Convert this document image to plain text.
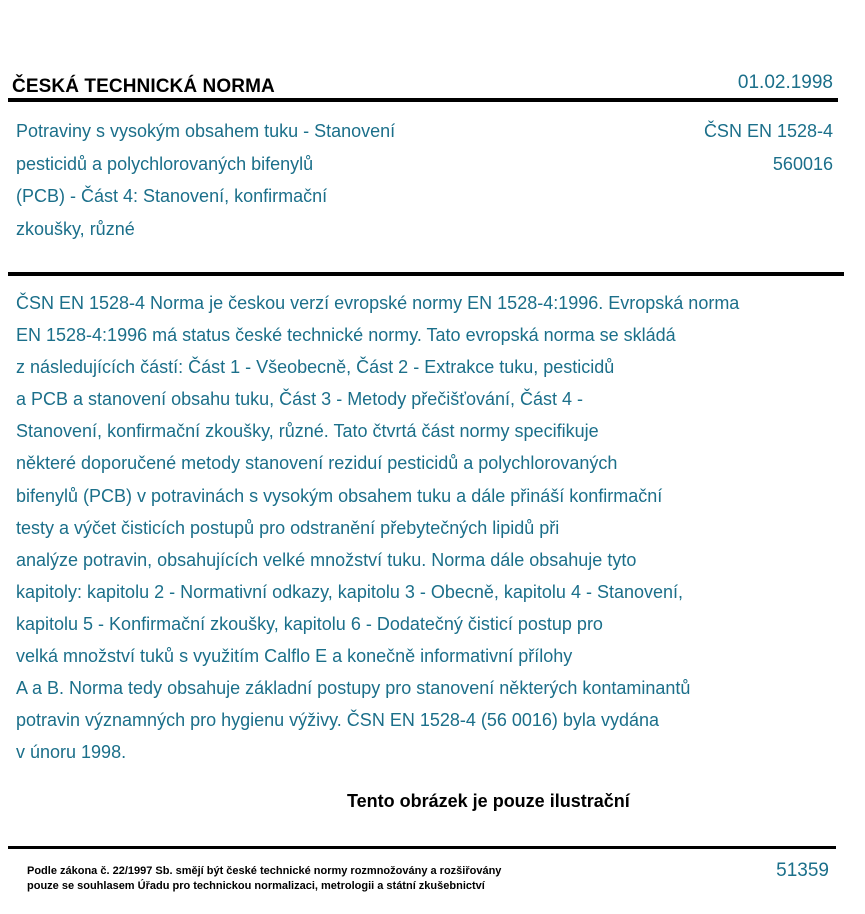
ČESKÁ TECHNICKÁ NORMA	01.02.1998
Potraviny s vysokým obsahem tuku - Stanovení
pesticidů a polychlorovaných bifenylů
(PCB) - Část 4: Stanovení, konfirmační
zkoušky, různé
ČSN EN 1528-4
560016
ČSN EN 1528-4 Norma je českou verzí evropské normy EN 1528-4:1996. Evropská norma
EN 1528-4:1996 má status české technické normy. Tato evropská norma se skládá
z následujících částí: Část 1 - Všeobecně, Část 2 - Extrakce tuku, pesticidů
a PCB a stanovení obsahu tuku, Část 3 - Metody přečišťování, Část 4 -
Stanovení, konfirmační zkoušky, různé. Tato čtvrtá část normy specifikuje
některé doporučené metody stanovení reziduí pesticidů a polychlorovaných
bifenylů (PCB) v potravinách s vysokým obsahem tuku a dále přináší konfirmační
testy a výčet čisticích postupů pro odstranění přebytečných lipidů při
analýze potravin, obsahujících velké množství tuku. Norma dále obsahuje tyto
kapitoly: kapitolu 2 - Normativní odkazy, kapitolu 3 - Obecně, kapitolu 4 - Stanovení,
kapitolu 5 - Konfirmační zkoušky, kapitolu 6 - Dodatečný čisticí postup pro
velká množství tuků s využitím Calflo E a konečně informativní přílohy
A a B. Norma tedy obsahuje základní postupy pro stanovení některých kontaminantů
potravin významných pro hygienu výživy. ČSN EN 1528-4 (56 0016) byla vydána
v únoru 1998.
Tento obrázek je pouze ilustrační
Podle zákona č. 22/1997 Sb. smějí být české technické normy rozmnožovány a rozšiřovány
pouze se souhlasem Úřadu pro technickou normalizaci, metrologii a státní zkušebnictví
51359
